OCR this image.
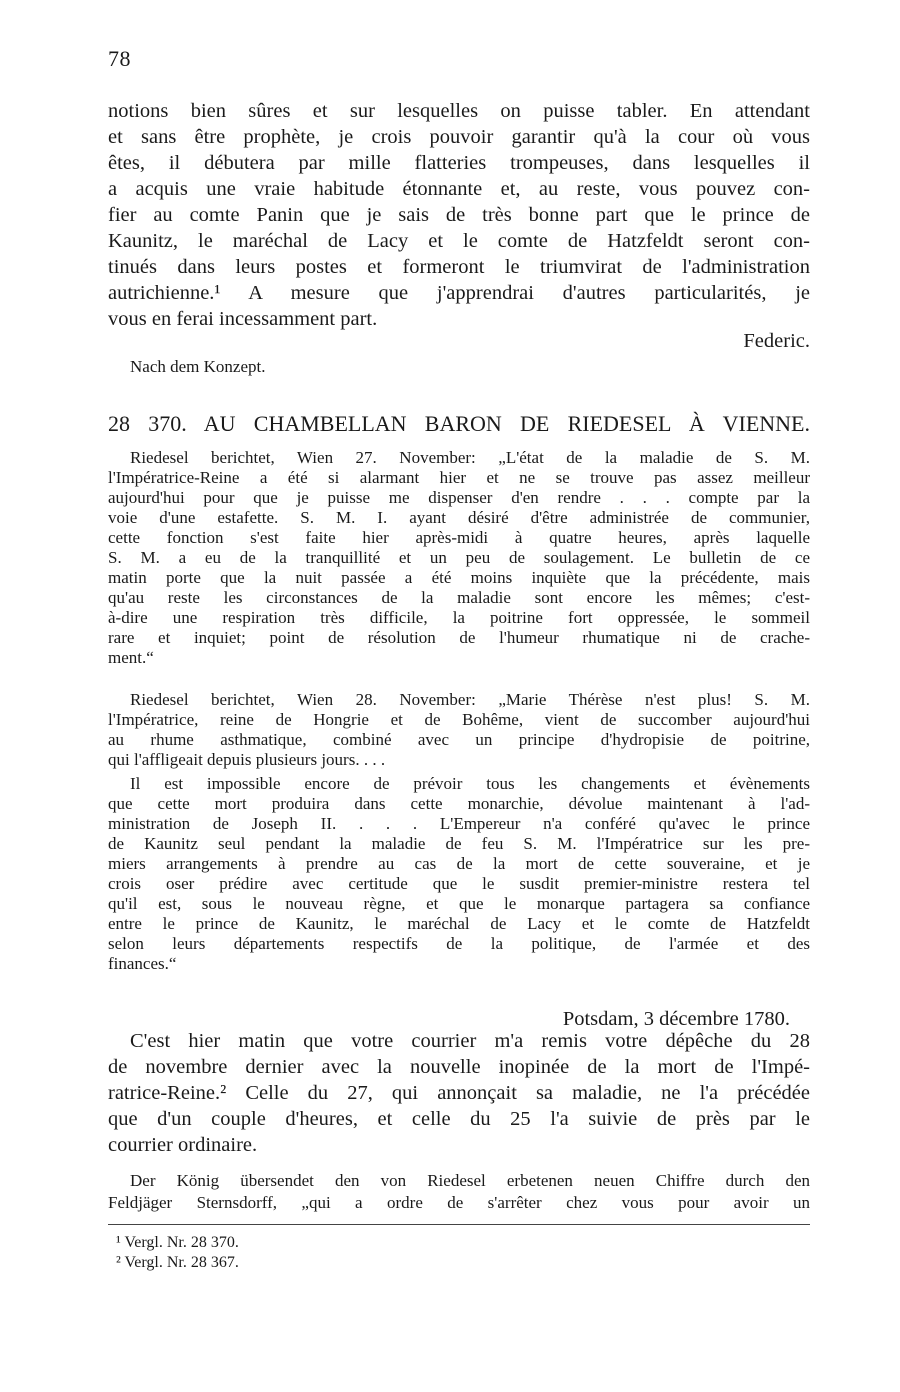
78
notions bien sûres et sur lesquelles on puisse tabler. En attendant
et sans être prophète, je crois pouvoir garantir qu'à la cour où vous
êtes, il débutera par mille flatteries trompeuses, dans lesquelles il
a acquis une vraie habitude étonnante et, au reste, vous pouvez con-
fier au comte Panin que je sais de très bonne part que le prince de
Kaunitz, le maréchal de Lacy et le comte de Hatzfeldt seront con-
tinués dans leurs postes et formeront le triumvirat de l'administration
autrichienne.¹ A mesure que j'apprendrai d'autres particularités, je
vous en ferai incessamment part.
Federic.
Nach dem Konzept.
28 370. AU CHAMBELLAN BARON DE RIEDESEL À VIENNE.
Riedesel berichtet, Wien 27. November: „L'état de la maladie de S. M.
l'Impératrice-Reine a été si alarmant hier et ne se trouve pas assez meilleur
aujourd'hui pour que je puisse me dispenser d'en rendre . . . compte par la
voie d'une estafette. S. M. I. ayant désiré d'être administrée de communier,
cette fonction s'est faite hier après-midi à quatre heures, après laquelle
S. M. a eu de la tranquillité et un peu de soulagement. Le bulletin de ce
matin porte que la nuit passée a été moins inquiète que la précédente, mais
qu'au reste les circonstances de la maladie sont encore les mêmes; c'est-
à-dire une respiration très difficile, la poitrine fort oppressée, le sommeil
rare et inquiet; point de résolution de l'humeur rhumatique ni de crache-
ment.“
Riedesel berichtet, Wien 28. November: „Marie Thérèse n'est plus! S. M.
l'Impératrice, reine de Hongrie et de Bohême, vient de succomber aujourd'hui
au rhume asthmatique, combiné avec un principe d'hydropisie de poitrine,
qui l'affligeait depuis plusieurs jours. . . .
Il est impossible encore de prévoir tous les changements et évènements
que cette mort produira dans cette monarchie, dévolue maintenant à l'ad-
ministration de Joseph II. . . . L'Empereur n'a conféré qu'avec le prince
de Kaunitz seul pendant la maladie de feu S. M. l'Impératrice sur les pre-
miers arrangements à prendre au cas de la mort de cette souveraine, et je
crois oser prédire avec certitude que le susdit premier-ministre restera tel
qu'il est, sous le nouveau règne, et que le monarque partagera sa confiance
entre le prince de Kaunitz, le maréchal de Lacy et le comte de Hatzfeldt
selon leurs départements respectifs de la politique, de l'armée et des
finances.“
Potsdam, 3 décembre 1780.
C'est hier matin que votre courrier m'a remis votre dépêche du 28
de novembre dernier avec la nouvelle inopinée de la mort de l'Impé-
ratrice-Reine.² Celle du 27, qui annonçait sa maladie, ne l'a précédée
que d'un couple d'heures, et celle du 25 l'a suivie de près par le
courrier ordinaire.
Der König übersendet den von Riedesel erbetenen neuen Chiffre durch den
Feldjäger Sternsdorff, „qui a ordre de s'arrêter chez vous pour avoir un
¹ Vergl. Nr. 28 370.
² Vergl. Nr. 28 367.
